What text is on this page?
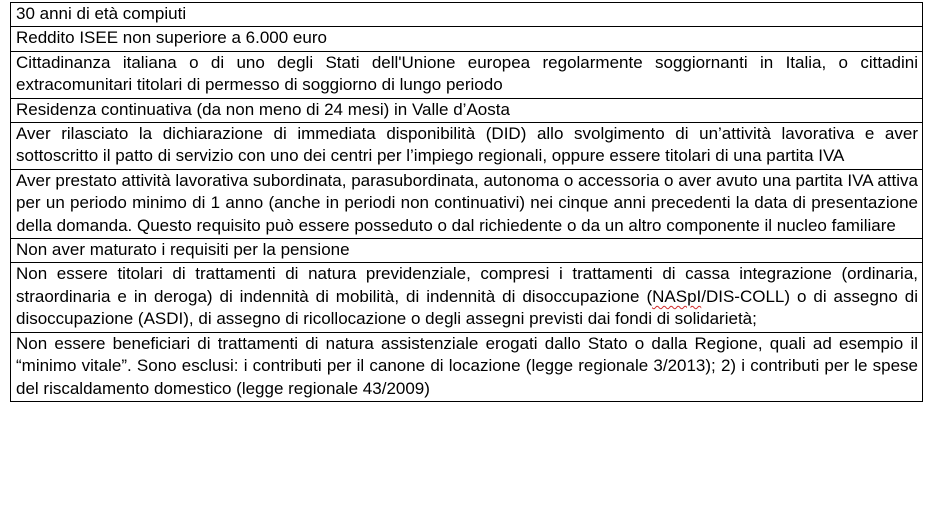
30 anni di età compiuti
Reddito ISEE non superiore a 6.000 euro
Cittadinanza italiana o di uno degli Stati dell'Unione europea regolarmente soggiornanti in Italia, o cittadini extracomunitari titolari di permesso di soggiorno di lungo periodo
Residenza continuativa (da non meno di 24 mesi) in Valle d’Aosta
Aver rilasciato la dichiarazione di immediata disponibilità (DID) allo svolgimento di un’attività lavorativa e aver sottoscritto il patto di servizio con uno dei centri per l’impiego regionali, oppure essere titolari di una partita IVA
Aver prestato attività lavorativa subordinata, parasubordinata, autonoma o accessoria o aver avuto una partita IVA attiva per un periodo minimo di 1 anno (anche in periodi non continuativi) nei cinque anni precedenti la data di presentazione della domanda. Questo requisito può essere posseduto o dal richiedente o da un altro componente il nucleo familiare
Non aver maturato i requisiti per la pensione
Non essere titolari di trattamenti di natura previdenziale, compresi i trattamenti di cassa integrazione (ordinaria, straordinaria e in deroga) di indennità di mobilità, di indennità di disoccupazione (NASpI/DIS-COLL) o di assegno di disoccupazione (ASDI), di assegno di ricollocazione o degli assegni previsti dai fondi di solidarietà;
Non essere beneficiari di trattamenti di natura assistenziale erogati dallo Stato o dalla Regione, quali ad esempio il “minimo vitale”. Sono esclusi: i contributi per il canone di locazione (legge regionale 3/2013); 2) i contributi per le spese del riscaldamento domestico (legge regionale 43/2009)
